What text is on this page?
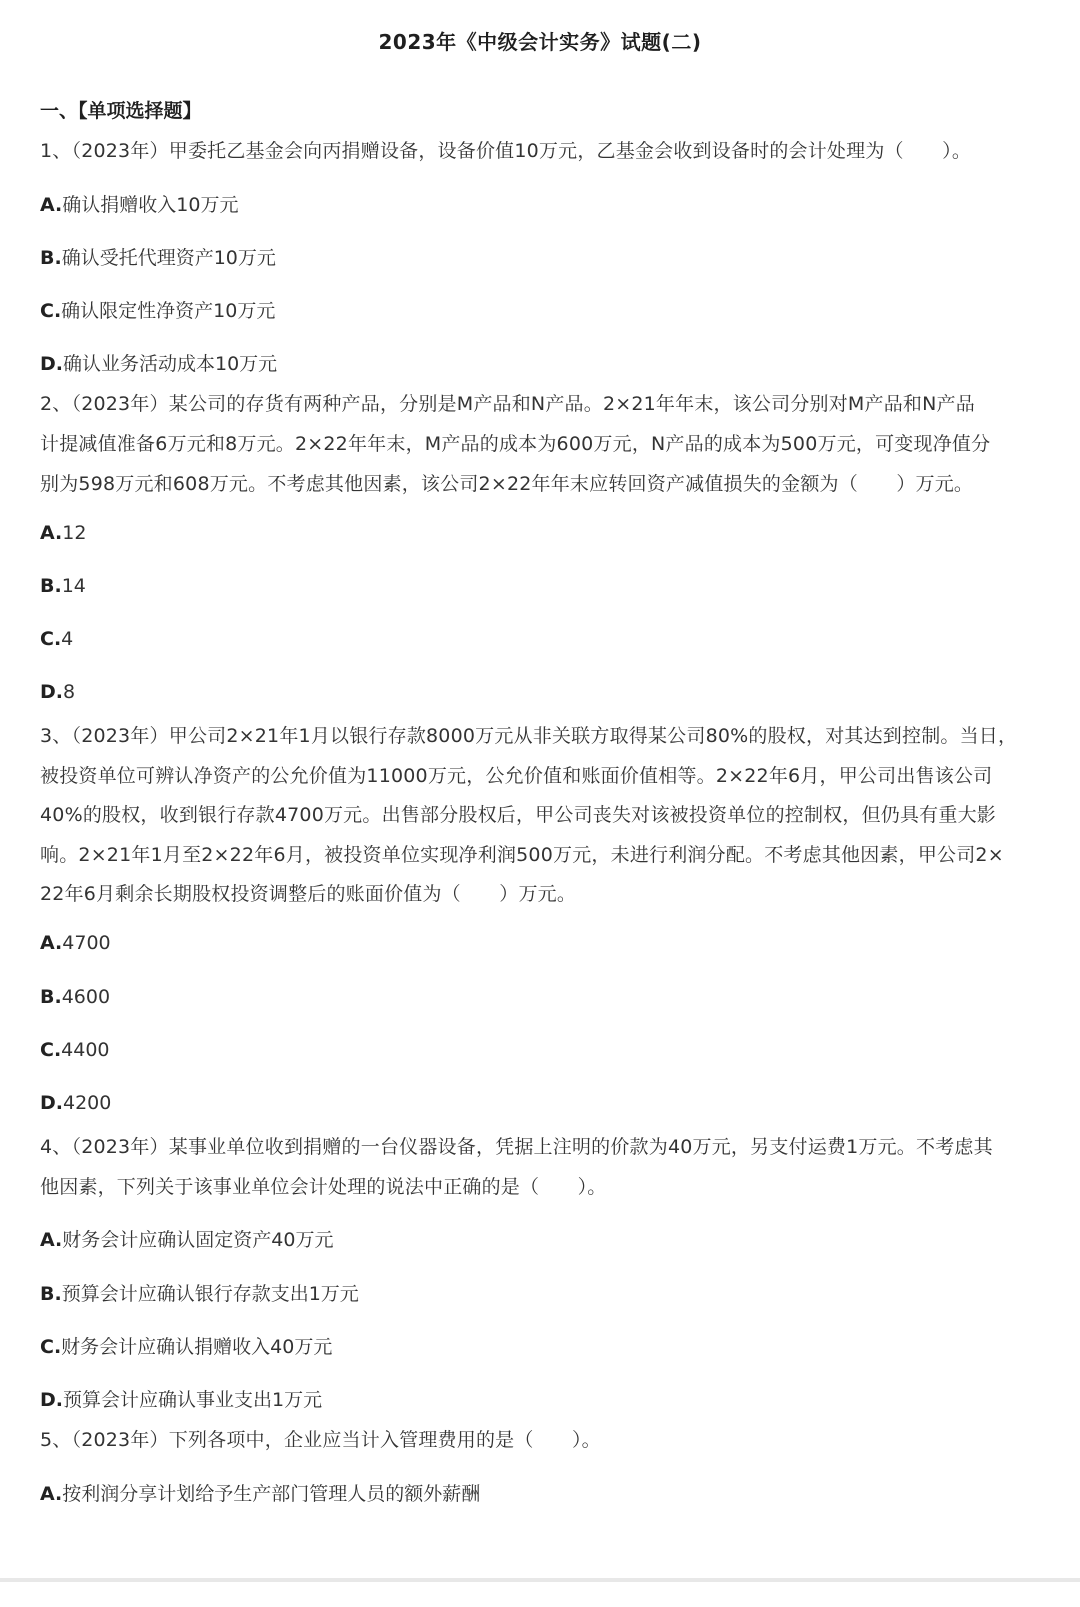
2023年《中级会计实务》试题(二)
一、【单项选择题】
1、（2023年）甲委托乙基金会向丙捐赠设备，设备价值10万元，乙基金会收到设备时的会计处理为（　　）。
A.确认捐赠收入10万元
B.确认受托代理资产10万元
C.确认限定性净资产10万元
D.确认业务活动成本10万元
2、（2023年）某公司的存货有两种产品，分别是M产品和N产品。2×21年年末，该公司分别对M产品和N产品
计提减值准备6万元和8万元。2×22年年末，M产品的成本为600万元，N产品的成本为500万元，可变现净值分
别为598万元和608万元。不考虑其他因素，该公司2×22年年末应转回资产减值损失的金额为（　　）万元。
A.12
B.14
C.4
D.8
3、（2023年）甲公司2×21年1月以银行存款8000万元从非关联方取得某公司80%的股权，对其达到控制。当日，
被投资单位可辨认净资产的公允价值为11000万元，公允价值和账面价值相等。2×22年6月，甲公司出售该公司
40%的股权，收到银行存款4700万元。出售部分股权后，甲公司丧失对该被投资单位的控制权，但仍具有重大影
响。2×21年1月至2×22年6月，被投资单位实现净利润500万元，未进行利润分配。不考虑其他因素，甲公司2×
22年6月剩余长期股权投资调整后的账面价值为（　　）万元。
A.4700
B.4600
C.4400
D.4200
4、（2023年）某事业单位收到捐赠的一台仪器设备，凭据上注明的价款为40万元，另支付运费1万元。不考虑其
他因素，下列关于该事业单位会计处理的说法中正确的是（　　）。
A.财务会计应确认固定资产40万元
B.预算会计应确认银行存款支出1万元
C.财务会计应确认捐赠收入40万元
D.预算会计应确认事业支出1万元
5、（2023年）下列各项中，企业应当计入管理费用的是（　　）。
A.按利润分享计划给予生产部门管理人员的额外薪酬
